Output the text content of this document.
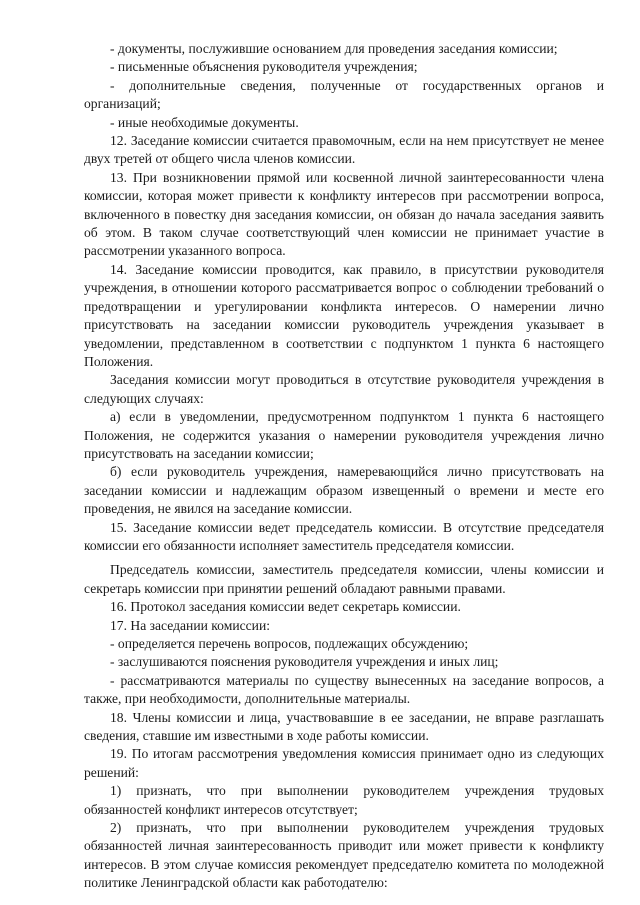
- документы, послужившие основанием для проведения заседания комиссии;

- письменные объяснения руководителя учреждения;

- дополнительные сведения, полученные от государственных органов и организаций;

- иные необходимые документы.

12. Заседание комиссии считается правомочным, если на нем присутствует не менее двух третей от общего числа членов комиссии.

13. При возникновении прямой или косвенной личной заинтересованности члена комиссии, которая может привести к конфликту интересов при рассмотрении вопроса, включенного в повестку дня заседания комиссии, он обязан до начала заседания заявить об этом. В таком случае соответствующий член комиссии не принимает участие в рассмотрении указанного вопроса.

14. Заседание комиссии проводится, как правило, в присутствии руководителя учреждения, в отношении которого рассматривается вопрос о соблюдении требований о предотвращении и урегулировании конфликта интересов. О намерении лично присутствовать на заседании комиссии руководитель учреждения указывает в уведомлении, представленном в соответствии с подпунктом 1 пункта 6 настоящего Положения.

Заседания комиссии могут проводиться в отсутствие руководителя учреждения в следующих случаях:

а) если в уведомлении, предусмотренном подпунктом 1 пункта 6 настоящего Положения, не содержится указания о намерении руководителя учреждения лично присутствовать на заседании комиссии;

б) если руководитель учреждения, намеревающийся лично присутствовать на заседании комиссии и надлежащим образом извещенный о времени и месте его проведения, не явился на заседание комиссии.

15. Заседание комиссии ведет председатель комиссии. В отсутствие председателя комиссии его обязанности исполняет заместитель председателя комиссии.

Председатель комиссии, заместитель председателя комиссии, члены комиссии и секретарь комиссии при принятии решений обладают равными правами.

16. Протокол заседания комиссии ведет секретарь комиссии.

17. На заседании комиссии:

- определяется перечень вопросов, подлежащих обсуждению;

- заслушиваются пояснения руководителя учреждения и иных лиц;

- рассматриваются материалы по существу вынесенных на заседание вопросов, а также, при необходимости, дополнительные материалы.

18. Члены комиссии и лица, участвовавшие в ее заседании, не вправе разглашать сведения, ставшие им известными в ходе работы комиссии.

19. По итогам рассмотрения уведомления комиссия принимает одно из следующих решений:

1) признать, что при выполнении руководителем учреждения трудовых обязанностей конфликт интересов отсутствует;

2) признать, что при выполнении руководителем учреждения трудовых обязанностей личная заинтересованность приводит или может привести к конфликту интересов. В этом случае комиссия рекомендует председателю комитета по молодежной политике Ленинградской области как работодателю:
